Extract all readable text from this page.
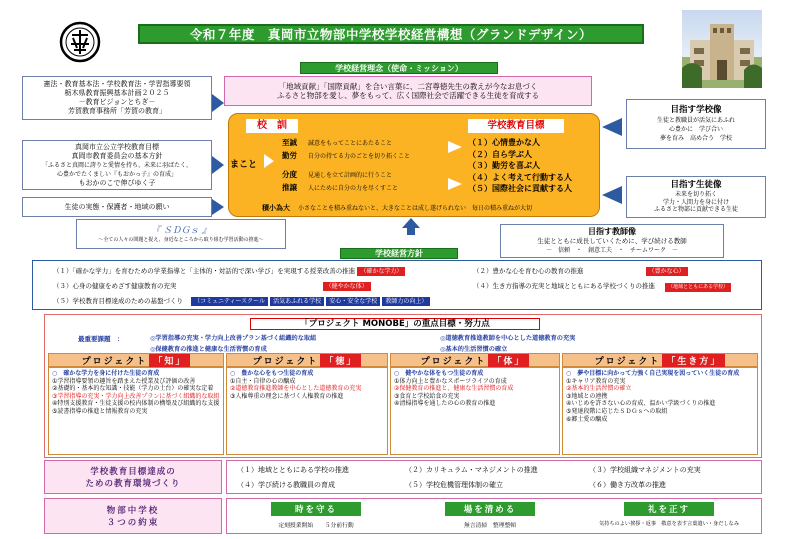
令和７年度　真岡市立物部中学校学校経営構想（グランドデザイン）
憲法・教育基本法・学校教育法・学習指導要領
栃木県教育振興基本計画２０２５
－教育ビジョンとちぎ－
芳賀教育事務所「芳賀の教育」
真岡市立公立学校教育目標
真岡市教育委員会の基本方針
「ふるさと真岡に誇りと愛情を持ち、未来に羽ばたく、
心豊かでたくましい『もおかっ子』の育成」
もおかのこで伸びゆく子
生徒の実態・保護者・地域の願い
学校経営理念（使命・ミッション）
「地域貢献」「国際貢献」を合い言葉に、二宮尊徳先生の教えが今なお息づく
ふるさと物部を愛し、夢をもって、広く国際社会で活躍できる生徒を育成する
校　訓
まこと
至誠	誠意をもってことにあたること
勤労	自分の持てる力のごとを切り拓くこと
分度	見通しを立て計画的に行うこと
推譲	人にために自分の力を尽くすこと
学校教育目標
（１）心情豊かな人
（２）自ら学ぶ人
（３）勤労を喜ぶ人
（４）よく考えて行動する人
（５）国際社会に貢献する人
積小為大 小さなことを積み重ねないと、大きなことは成し遂げられない　毎日の積み重ねが大切
目指す学校像
生徒と教職員が活気にあふれ
心豊かに　学び合い
夢を育み　高め合う　学校
目指す生徒像
未来を切り拓く
学力・人間力を身に付け
ふるさと物部に貢献できる生徒
目指す教師像
生徒とともに成長していくために、学び続ける教師
－　信頼　・　創意工夫　・　チームワーク　－
『 ＳＤＧｓ 』
～全ての人々の問題と捉え、身近なところから取り組む学習活動の推進～
学校経営方針
（１）「確かな学力」を育むための学業指導と「主体的・対話的で深い学び」を実現する授業改善の推進 （確かな学力）	（２）豊かな心を育む心の教育の推進	（豊かな心）
（３）心身の健康をめざす健康教育の充実	（健やかな体）	（４）生き方指導の充実と地域とともにある学校づくりの推進	（地域とともにある学校）
（５）学校教育目標達成のための基盤づくり （コミュニティースクール 活気あふれる学校 安心・安全な学校 教師力の向上）
「プロジェクト MONOBE」の重点目標・努力点
最重要課題　：	◎学習指導の充実・学力向上改善プラン基づく組織的な取組	◎道徳教育推進教師を中心とした道徳教育の充実
◎保健教育の推進と健康な生活習慣の育成	◎基本的生活習慣の確立
プロジェクト 「知」	プロジェクト 「徳」	プロジェクト 「体」	プロジェクト 「生き方」
○　確かな学力を身に付けた生徒の育成
①学習指導要領の趣旨を踏まえた授業及び評価の改善
②基礎的・基本的な知識・技能（学力の土台）の確実な定着
③学習指導の充実・学力向上改善プランに基づく組織的な取組
④特別支援教育・生徒支援の校内体制の構築及び組織的な支援
⑤読書指導の推進と情報教育の充実
○　豊かな心をもつ生徒の育成
①自主・自律の心の醸成
②道徳教育推進教師を中心とした道徳教育の充実
③人権尊重の理念に基づく人権教育の推進
○　健やかな体をもつ生徒の育成
①体力向上と豊かなスポーツライフの育成
②保健教育の推進と、健康な生活習慣の育成
③食育と学校給食の充実
④清掃指導を通したの心の教育の推進
○　夢や目標に向かって力強く自己実現を図っていく生徒の育成
①キャリア教育の充実
②基本的生活習慣の確立
③地域との連携
④いじめを許さない心の育成、温かい学級づくりの推進
⑤発達段階に応じたＳＤＧｓへの取組
⑥郷土愛の醸成
学校教育目標達成の
ための教育環境づくり
（１）地域とともにある学校の推進	（２）カリキュラム・マネジメントの推進	（３）学校組織マネジメントの充実
（４）学び続ける教職員の育成	（５）学校危機管理体制の確立	（６）働き方改革の推進
物部中学校
３つの約束
時を守る
定刻授業開始　　５分前行動
場を清める
無言清掃　整理整頓
礼を正す
気持ちのよい挨拶・返事　敬意を表す言葉遣い・身だしなみ
